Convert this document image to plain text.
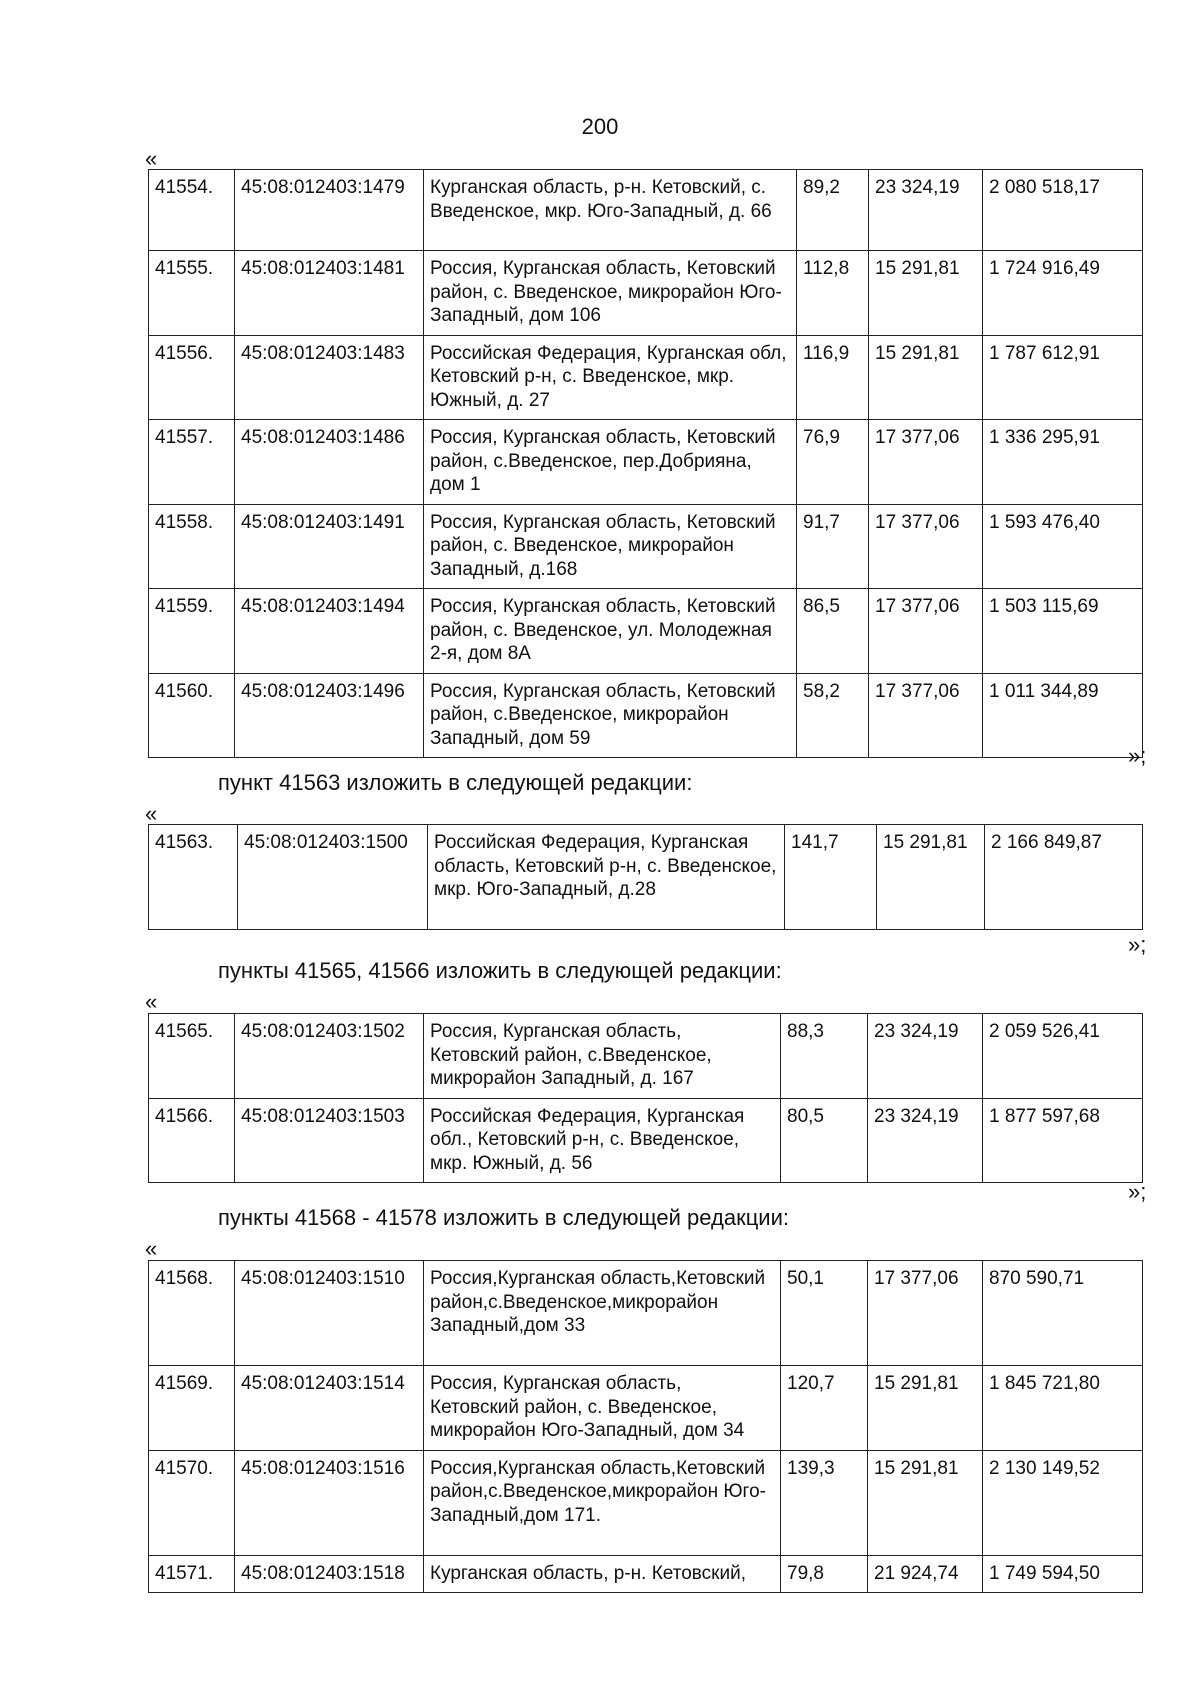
200
«
41554.	45:08:012403:1479	Курганская область, р-н. Кетовский, с. Введенское, мкр. Юго-Западный, д. 66	89,2	23 324,19	2 080 518,17
41555.	45:08:012403:1481	Россия, Курганская область, Кетовский район, с. Введенское, микрорайон Юго-Западный, дом 106	112,8	15 291,81	1 724 916,49
41556.	45:08:012403:1483	Российская Федерация, Курганская обл, Кетовский р-н, с. Введенское, мкр. Южный, д. 27	116,9	15 291,81	1 787 612,91
41557.	45:08:012403:1486	Россия, Курганская область, Кетовский район, с.Введенское, пер.Добрияна, дом 1	76,9	17 377,06	1 336 295,91
41558.	45:08:012403:1491	Россия, Курганская область, Кетовский район, с. Введенское, микрорайон Западный, д.168	91,7	17 377,06	1 593 476,40
41559.	45:08:012403:1494	Россия, Курганская область, Кетовский район, с. Введенское, ул. Молодежная 2-я, дом 8А	86,5	17 377,06	1 503 115,69
41560.	45:08:012403:1496	Россия, Курганская область, Кетовский район, с.Введенское, микрорайон Западный, дом 59	58,2	17 377,06	1 011 344,89
»;
пункт 41563 изложить в следующей редакции:
«
41563.	45:08:012403:1500	Российская Федерация, Курганская область, Кетовский р-н, с. Введенское, мкр. Юго-Западный, д.28	141,7	15 291,81	2 166 849,87
»;
пункты 41565, 41566 изложить в следующей редакции:
«
41565.	45:08:012403:1502	Россия, Курганская область, Кетовский район, с.Введенское, микрорайон Западный, д. 167	88,3	23 324,19	2 059 526,41
41566.	45:08:012403:1503	Российская Федерация, Курганская обл., Кетовский р-н, с. Введенское, мкр. Южный, д. 56	80,5	23 324,19	1 877 597,68
»;
пункты 41568 - 41578 изложить в следующей редакции:
«
41568.	45:08:012403:1510	Россия,Курганская область,Кетовский район,с.Введенское,микрорайон Западный,дом 33	50,1	17 377,06	870 590,71
41569.	45:08:012403:1514	Россия, Курганская область, Кетовский район, с. Введенское, микрорайон Юго-Западный, дом 34	120,7	15 291,81	1 845 721,80
41570.	45:08:012403:1516	Россия,Курганская область,Кетовский район,с.Введенское,микрорайон Юго-Западный,дом 171.	139,3	15 291,81	2 130 149,52
41571.	45:08:012403:1518	Курганская область, р-н. Кетовский,	79,8	21 924,74	1 749 594,50
